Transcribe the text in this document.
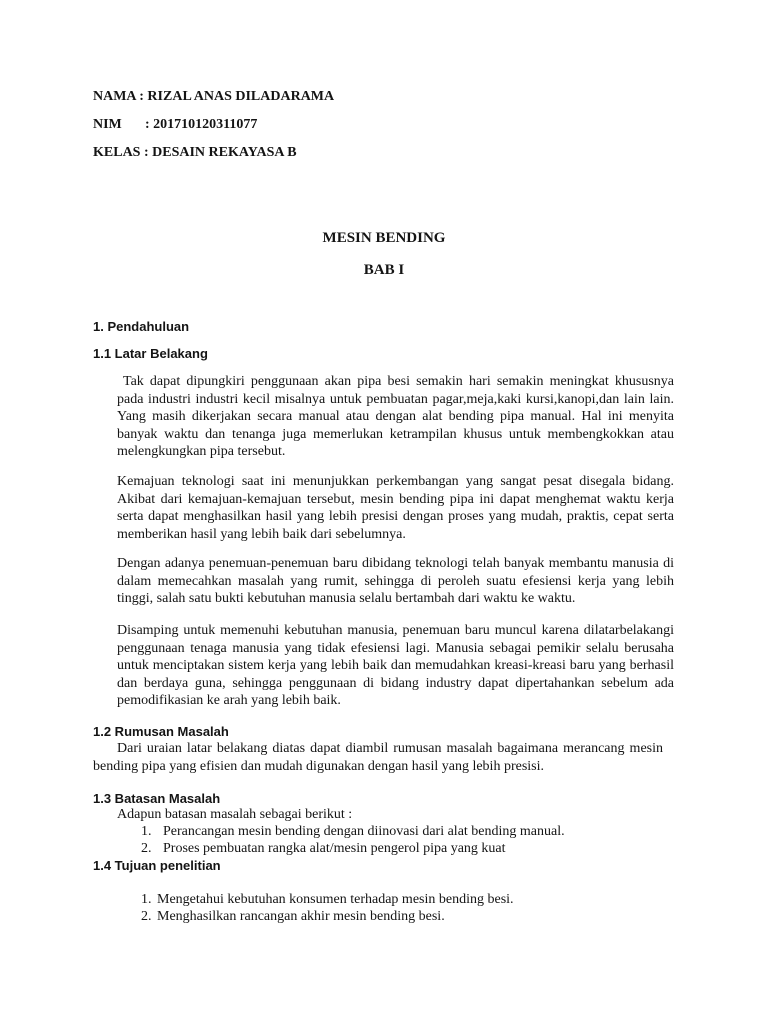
NAMA : RIZAL ANAS DILADARAMA
NIM : 201710120311077
KELAS : DESAIN REKAYASA B
MESIN BENDING
BAB I
1. Pendahuluan
1.1 Latar Belakang
Tak dapat dipungkiri penggunaan akan pipa besi semakin hari semakin meningkat khususnya pada industri industri kecil misalnya untuk pembuatan pagar,meja,kaki kursi,kanopi,dan lain lain. Yang masih dikerjakan secara manual atau dengan alat bending pipa manual. Hal ini menyita banyak waktu dan tenanga juga memerlukan ketrampilan khusus untuk membengkokkan atau melengkungkan pipa tersebut.
Kemajuan teknologi saat ini menunjukkan perkembangan yang sangat pesat disegala bidang. Akibat dari kemajuan-kemajuan tersebut, mesin bending pipa ini dapat menghemat waktu kerja serta dapat menghasilkan hasil yang lebih presisi dengan proses yang mudah, praktis, cepat serta memberikan hasil yang lebih baik dari sebelumnya.
Dengan adanya penemuan-penemuan baru dibidang teknologi telah banyak membantu manusia di dalam memecahkan masalah yang rumit, sehingga di peroleh suatu efesiensi kerja yang lebih tinggi, salah satu bukti kebutuhan manusia selalu bertambah dari waktu ke waktu.
Disamping untuk memenuhi kebutuhan manusia, penemuan baru muncul karena dilatarbelakangi penggunaan tenaga manusia yang tidak efesiensi lagi. Manusia sebagai pemikir selalu berusaha untuk menciptakan sistem kerja yang lebih baik dan memudahkan kreasi-kreasi baru yang berhasil dan berdaya guna, sehingga penggunaan di bidang industry dapat dipertahankan sebelum ada pemodifikasian ke arah yang lebih baik.
1.2 Rumusan Masalah
Dari uraian latar belakang diatas dapat diambil rumusan masalah bagaimana merancang mesin bending pipa yang efisien dan mudah digunakan dengan hasil yang lebih presisi.
1.3 Batasan Masalah
Adapun batasan masalah sebagai berikut :
1. Perancangan mesin bending dengan diinovasi dari alat bending manual.
2. Proses pembuatan rangka alat/mesin pengerol pipa yang kuat
1.4 Tujuan penelitian
1. Mengetahui kebutuhan konsumen terhadap mesin bending besi.
2. Menghasilkan rancangan akhir mesin bending besi.
